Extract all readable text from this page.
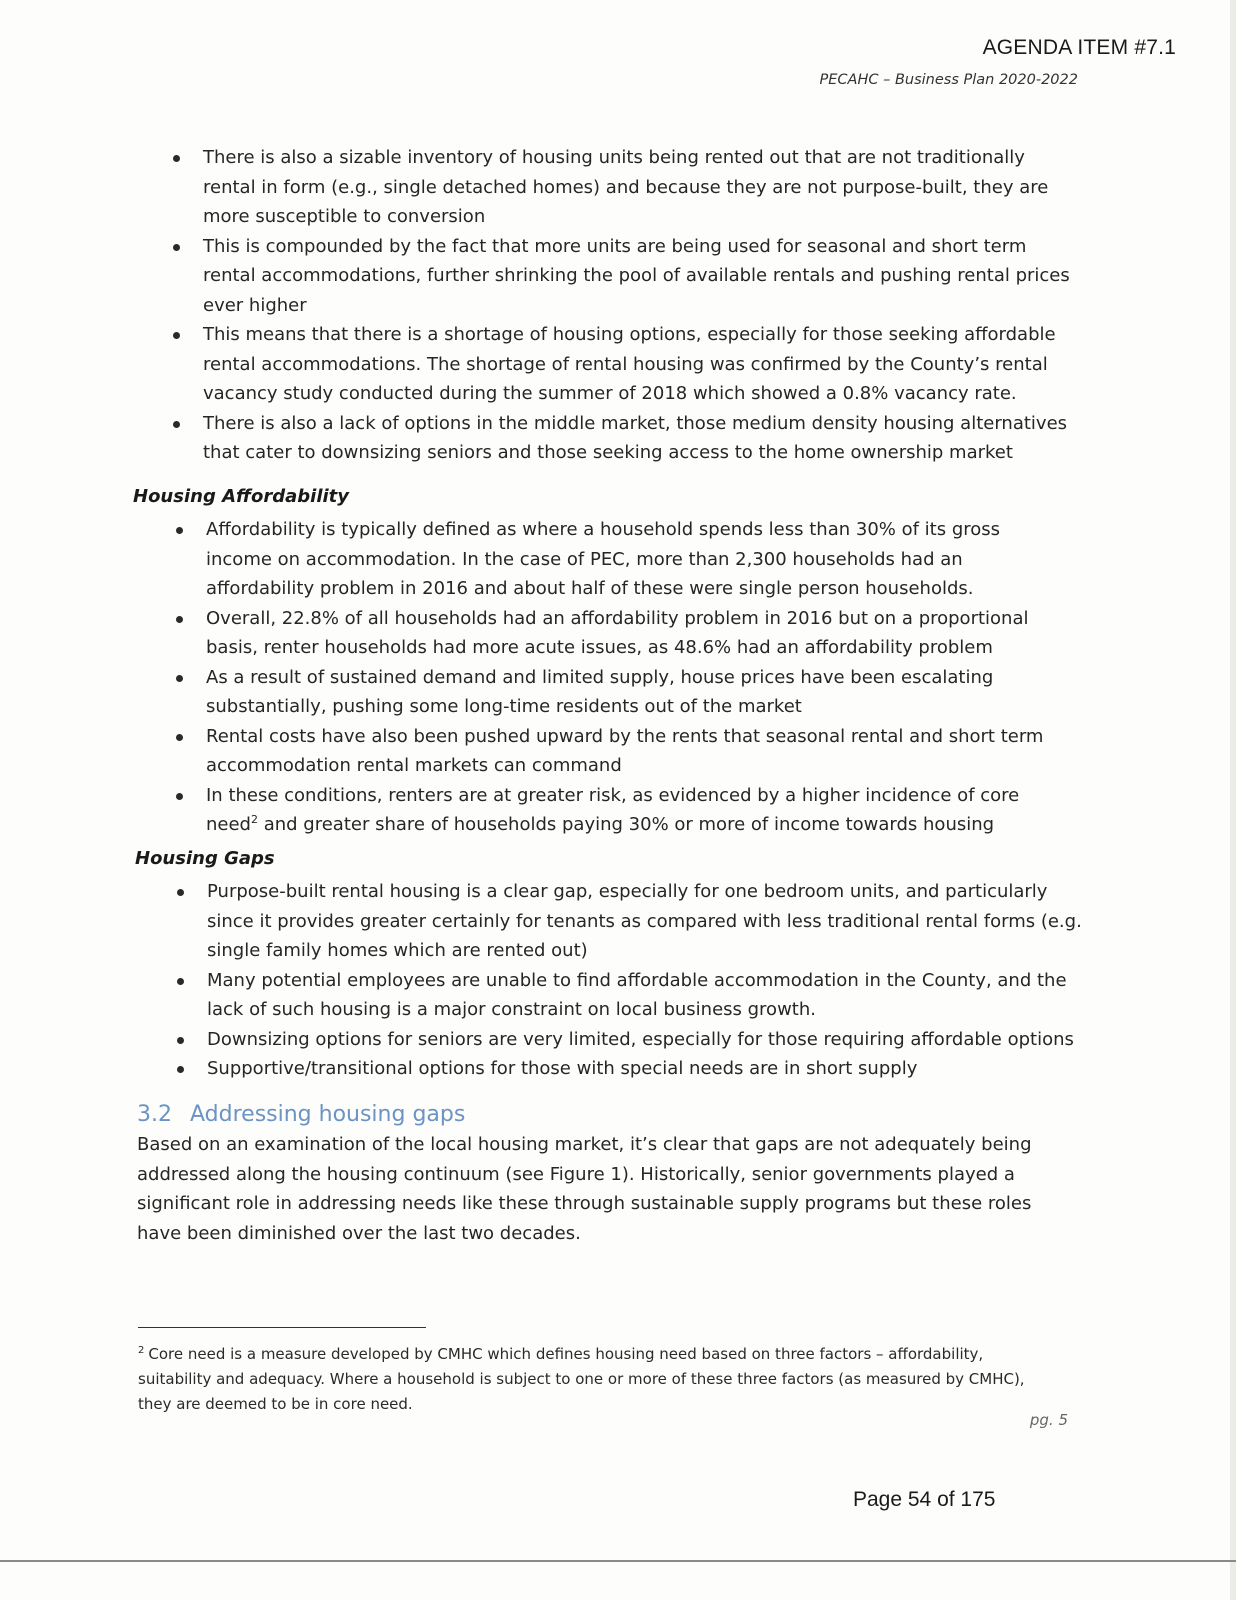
AGENDA ITEM #7.1
PECAHC – Business Plan 2020-2022
There is also a sizable inventory of housing units being rented out that are not traditionally rental in form (e.g., single detached homes) and because they are not purpose-built, they are more susceptible to conversion
This is compounded by the fact that more units are being used for seasonal and short term rental accommodations, further shrinking the pool of available rentals and pushing rental prices ever higher
This means that there is a shortage of housing options, especially for those seeking affordable rental accommodations. The shortage of rental housing was confirmed by the County’s rental vacancy study conducted during the summer of 2018 which showed a 0.8% vacancy rate.
There is also a lack of options in the middle market, those medium density housing alternatives that cater to downsizing seniors and those seeking access to the home ownership market
Housing Affordability
Affordability is typically defined as where a household spends less than 30% of its gross income on accommodation. In the case of PEC, more than 2,300 households had an affordability problem in 2016 and about half of these were single person households.
Overall, 22.8% of all households had an affordability problem in 2016 but on a proportional basis, renter households had more acute issues, as 48.6% had an affordability problem
As a result of sustained demand and limited supply, house prices have been escalating substantially, pushing some long-time residents out of the market
Rental costs have also been pushed upward by the rents that seasonal rental and short term accommodation rental markets can command
In these conditions, renters are at greater risk, as evidenced by a higher incidence of core need$^2$ and greater share of households paying 30% or more of income towards housing
Housing Gaps
Purpose-built rental housing is a clear gap, especially for one bedroom units, and particularly since it provides greater certainly for tenants as compared with less traditional rental forms (e.g. single family homes which are rented out)
Many potential employees are unable to find affordable accommodation in the County, and the lack of such housing is a major constraint on local business growth.
Downsizing options for seniors are very limited, especially for those requiring affordable options
Supportive/transitional options for those with special needs are in short supply
3.2 Addressing housing gaps
Based on an examination of the local housing market, it’s clear that gaps are not adequately being addressed along the housing continuum (see Figure 1). Historically, senior governments played a significant role in addressing needs like these through sustainable supply programs but these roles have been diminished over the last two decades.
$^2$ Core need is a measure developed by CMHC which defines housing need based on three factors – affordability, suitability and adequacy. Where a household is subject to one or more of these three factors (as measured by CMHC), they are deemed to be in core need.
pg. 5
Page 54 of 175
